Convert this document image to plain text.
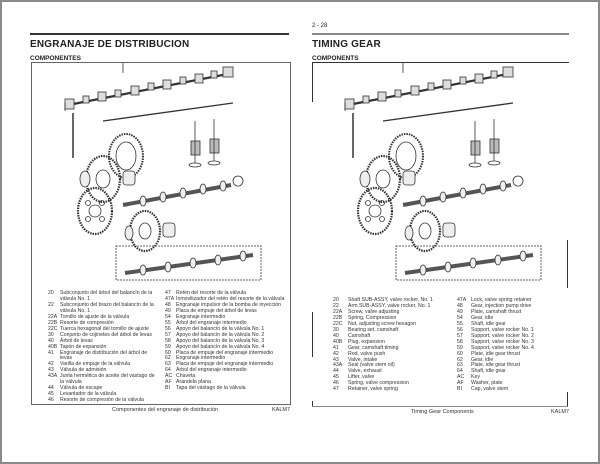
ENGRANAJE DE DISTRIBUCION
COMPONENTES
20	Subconjunto del árbol del balancín de la válvula No. 1
22	Subconjunto del brazo del balancín de la válvula No. 1
22A Tornillo de ajuste de la válvula
22B Resorte de compresión
22C Tuerca hexagonal del tornillo de ajuste
30	Conjunto de cojinetes del árbol de levas
40	Árbol de levas
40B Tapón de expansión
41	Engranaje de distribución del árbol de levas
42	Varilla de empuje de la válvula
43	Válvula de admisión
43A Junta hermética de aceite del vástago de la válvula
44	Válvula de escape
45	Levantador de la válvula
46	Resorte de compresión de la válvula
47	Retén del resorte de la válvula
47A Inmovilizador del retén del resorte de la válvula
48	Engranaje impulsor de la bomba de inyección
49	Placa de empuje del árbol de levas
54	Engranaje intermedio
55	Árbol del engranaje intermedio
56	Apoyo del balancín de la válvula No. 1
57	Apoyo del balancín de la válvula No. 2
58	Apoyo del balancín de la válvula No. 3
59	Apoyo del balancín de la válvula No. 4
60	Placa de empuje del engranaje intermedio
62	Engranaje intermedio
63	Placa de empuje del engranaje intermedio
64	Árbol del engranaje intermedio
AC Chaveta
AF Arandela plana
BI	Tapa del vástago de la válvula
Componentes del engranaje de distribución	KALM7
2 - 28
TIMING GEAR
COMPONENTS
20	Shaft SUB-ASSY, valve rocker, No. 1
22	Arm SUB-ASSY, valve rocker, No. 1
22A	Screw, valve adjusting
22B	Spring, Compression
22C	Nut, adjusting screw hexagon
30	Bearing set, camshaft
40	Camshaft
40B	Plug, expansion
41	Gear, camshaft timing
42	Rod, valve push
43	Valve, intake
43A	Seal (valve stem oil)
44	Valve, exhaust
45	Lifter, valve
46	Spring, valve compression
47	Retainer, valve spring
47A Lock, valve spring retainer
48	Gear, injection pump drive
49	Plate, camshaft thrust
54	Gear, idle
55	Shaft, idle gear
56	Support, valve rocker No. 1
57	Support, valve rocker No. 2
58	Support, valve rocker No. 3
59	Support, valve rocker No. 4
60	Plate, idle gear thrust
62	Gear, idle
63	Plate, idle gear thrust
64	Shaft, idle gear
AC	Key
AF	Washer, plate
BI	Cap, valve stem
Timing Gear Components	KALM7
